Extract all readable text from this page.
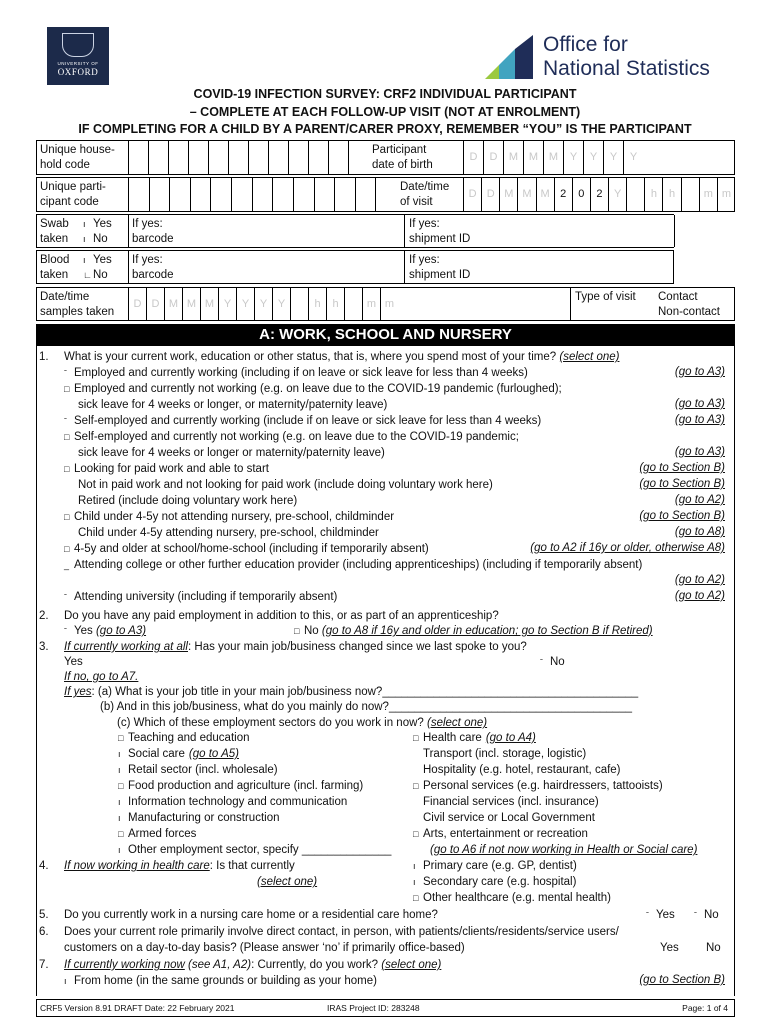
UNIVERSITY OF
OXFORD
Office for
National Statistics
COVID-19 INFECTION SURVEY: CRF2 INDIVIDUAL PARTICIPANT
– COMPLETE AT EACH FOLLOW-UP VISIT (NOT AT ENROLMENT)
IF COMPLETING FOR A CHILD BY A PARENT/CARER PROXY, REMEMBER “YOU” IS THE PARTICIPANT
Unique house-
hold code
Participant
date of birth
D	D	M M M	Y	Y	Y	Y
Unique parti-
cipant code
Date/time
of visit
D D M M M 2	0	2	Y	h	h	m m
Swab
taken
ı Yes
ı No
If yes:
barcode
If yes:
shipment ID
Blood
taken
ı Yes
∟No
If yes:
barcode
If yes:
shipment ID
Date/time
samples taken
Type of visit Contact
Non-contact
D D M M M Y Y Y Y	h	h	m m
A: WORK, SCHOOL AND NURSERY
1. What is your current work, education or other status, that is, where you spend most of your time? (select one)
2. Do you have any paid employment in addition to this, or as part of an apprenticeship?
ˉ Yes (go to A3)	□ No (go to A8 if 16y and older in education; go to Section B if Retired)
3. If currently working at all: Has your main job/business changed since we last spoke to you?
Yes	ˉ No
If no, go to A7.
If yes: (a) What is your job title in your main job/business now?________________________________________
(b) And in this job/business, what do you mainly do now?______________________________________
(c) Which of these employment sectors do you work in now? (select one)
(go to A6 if not now working in Health or Social care)
4. If now working in health care: Is that currently
(select one)
ı Primary care (e.g. GP, dentist)
ı Secondary care (e.g. hospital)
□ Other healthcare (e.g. mental health)
5. Do you currently work in a nursing care home or a residential care home?	ˉ Yes ˉ No
6. Does your current role primarily involve direct contact, in person, with patients/clients/residents/service users/
customers on a day-to-day basis? (Please answer ‘no’ if primarily office-based)	Yes No
7. If currently working now (see A1, A2): Currently, do you work? (select one)
ı From home (in the same grounds or building as your home)	(go to Section B)
CRF5 Version 8.91 DRAFT Date: 22 February 2021	IRAS Project ID: 283248	Page: 1 of 4
ˉ Employed and currently working (including if on leave or sick leave for less than 4 weeks)	(go to A3)
□ Employed and currently not working (e.g. on leave due to the COVID-19 pandemic (furloughed);
sick leave for 4 weeks or longer, or maternity/paternity leave)	(go to A3)
ˉ Self-employed and currently working (include if on leave or sick leave for less than 4 weeks)	(go to A3)
□ Self-employed and currently not working (e.g. on leave due to the COVID-19 pandemic;
sick leave for 4 weeks or longer or maternity/paternity leave)	(go to A3)
□ Looking for paid work and able to start	(go to Section B)
Not in paid work and not looking for paid work (include doing voluntary work here)	(go to Section B)
Retired (include doing voluntary work here)	(go to A2)
□ Child under 4-5y not attending nursery, pre-school, childminder	(go to Section B)
Child under 4-5y attending nursery, pre-school, childminder	(go to A8)
□ 4-5y and older at school/home-school (including if temporarily absent)	(go to A2 if 16y or older, otherwise A8)
_ Attending college or other further education provider (including apprenticeships) (including if temporarily absent)
(go to A2)
ˉ Attending university (including if temporarily absent)	(go to A2)
□ Teaching and education
ı Social care (go to A5)
ı Retail sector (incl. wholesale)
□ Food production and agriculture (incl. farming)
ı Information technology and communication
ı Manufacturing or construction
□ Armed forces
ı Other employment sector, specify ______________
□ Health care (go to A4)
Transport (incl. storage, logistic)
Hospitality (e.g. hotel, restaurant, cafe)
□ Personal services (e.g. hairdressers, tattooists)
Financial services (incl. insurance)
Civil service or Local Government
□ Arts, entertainment or recreation
